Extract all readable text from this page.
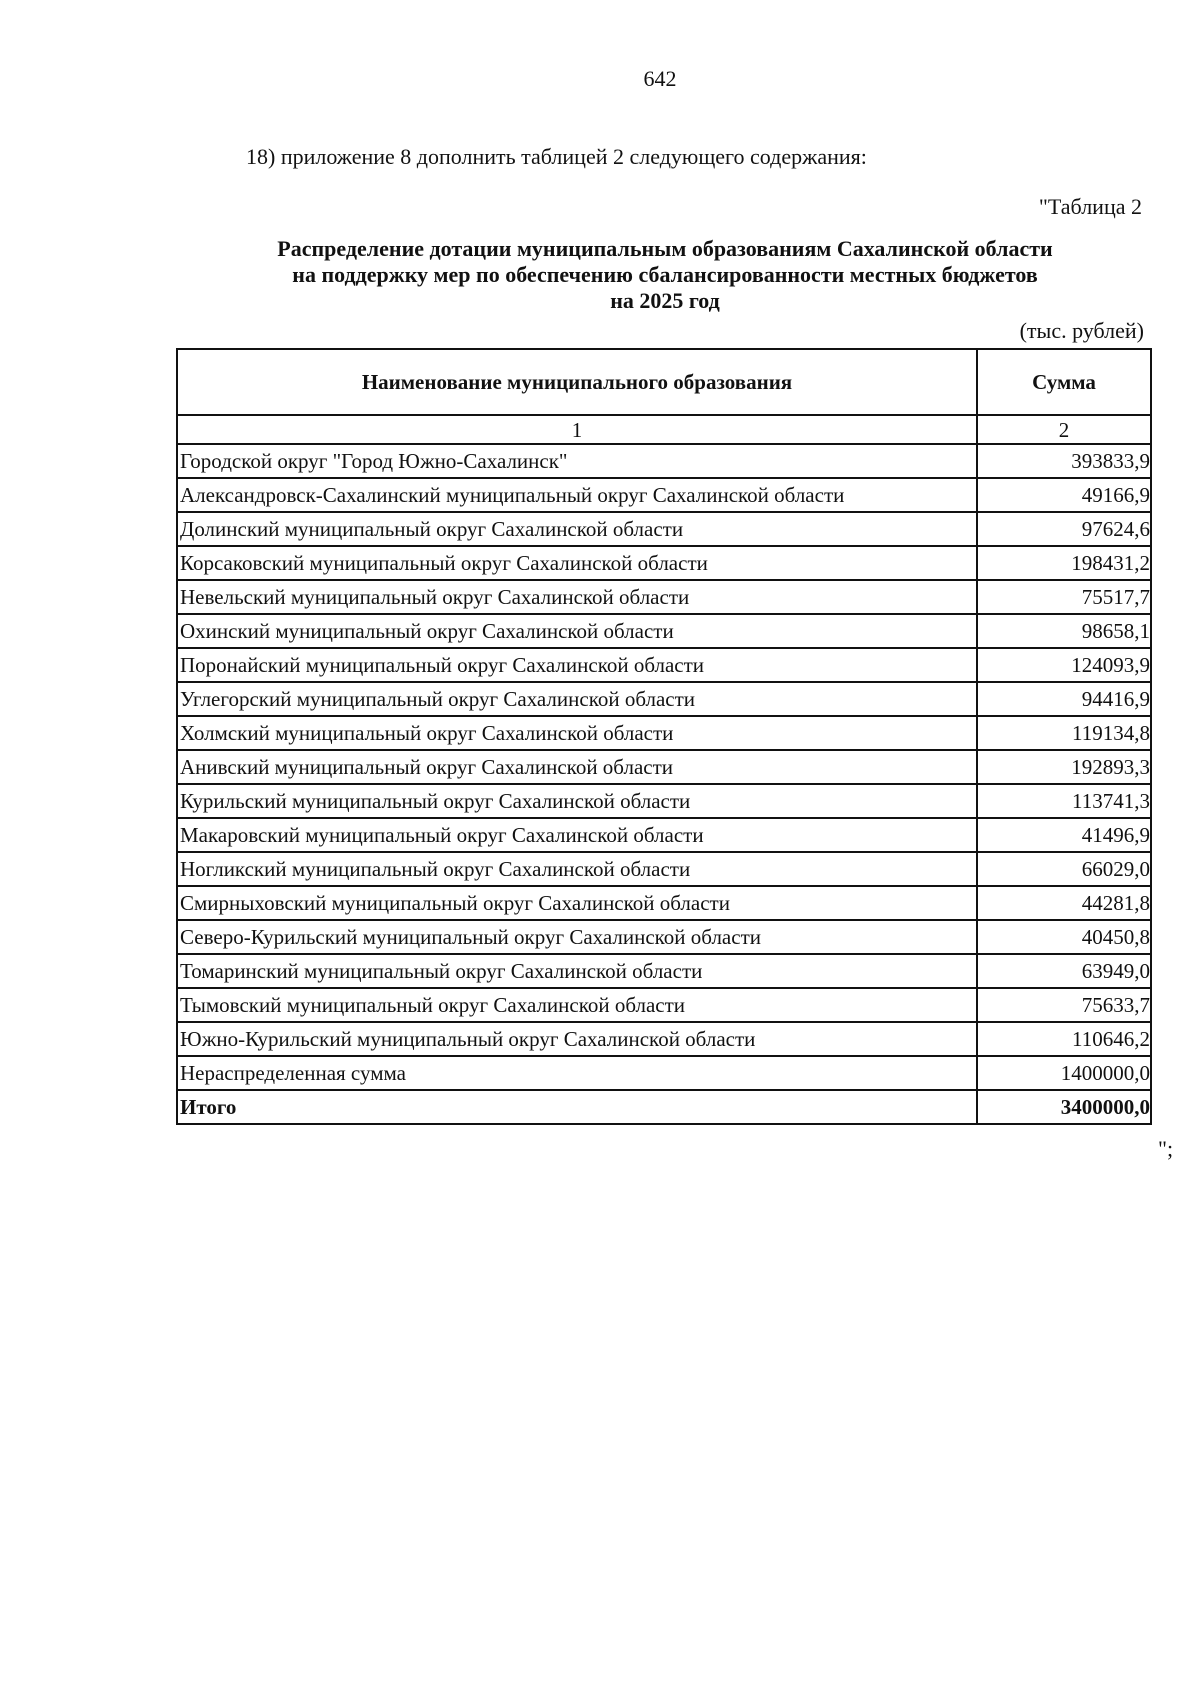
642
18) приложение 8 дополнить таблицей 2 следующего содержания:
"Таблица 2
Распределение дотации муниципальным образованиям Сахалинской области
на поддержку мер по обеспечению сбалансированности местных бюджетов
на 2025 год
(тыс. рублей)
Наименование муниципального образования	Сумма
1	2
Городской округ "Город Южно-Сахалинск"	393833,9
Александровск-Сахалинский муниципальный округ Сахалинской области	49166,9
Долинский муниципальный округ Сахалинской области	97624,6
Корсаковский муниципальный округ Сахалинской области	198431,2
Невельский муниципальный округ Сахалинской области	75517,7
Охинский муниципальный округ Сахалинской области	98658,1
Поронайский муниципальный округ Сахалинской области	124093,9
Углегорский муниципальный округ Сахалинской области	94416,9
Холмский муниципальный округ Сахалинской области	119134,8
Анивский муниципальный округ Сахалинской области	192893,3
Курильский муниципальный округ Сахалинской области	113741,3
Макаровский муниципальный округ Сахалинской области	41496,9
Ногликский муниципальный округ Сахалинской области	66029,0
Смирныховский муниципальный округ Сахалинской области	44281,8
Северо-Курильский муниципальный округ Сахалинской области	40450,8
Томаринский муниципальный округ Сахалинской области	63949,0
Тымовский муниципальный округ Сахалинской области	75633,7
Южно-Курильский муниципальный округ Сахалинской области	110646,2
Нераспределенная сумма	1400000,0
Итого	3400000,0
";
